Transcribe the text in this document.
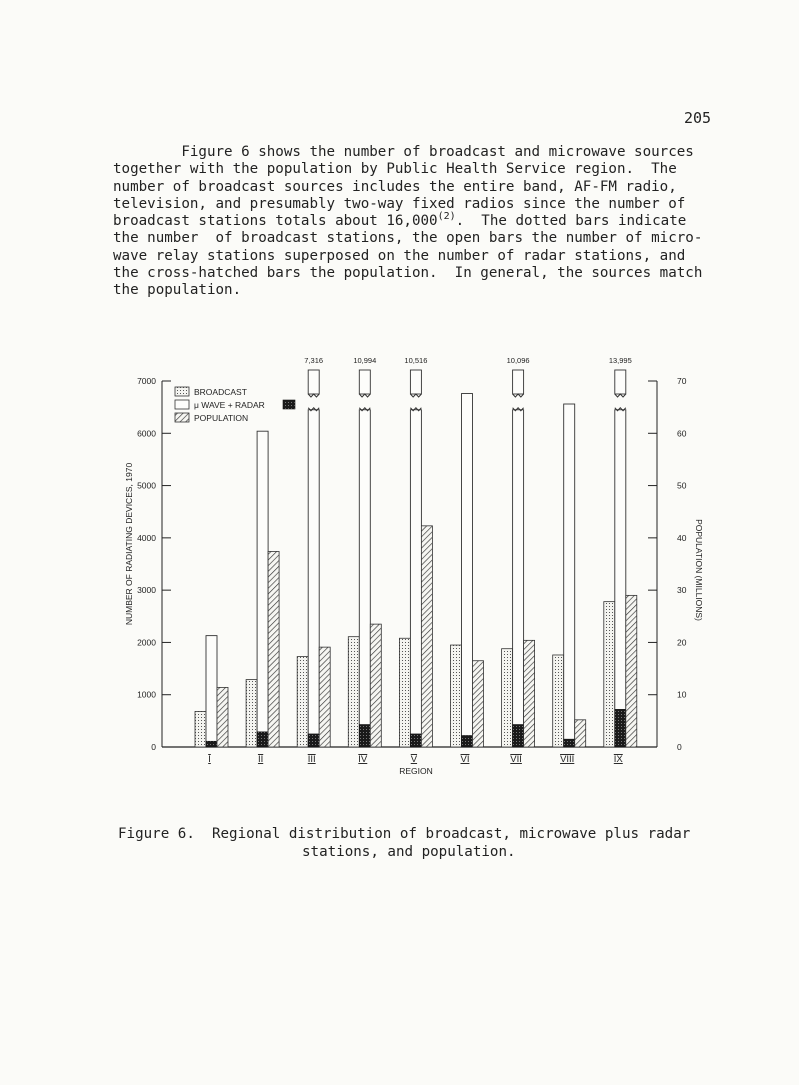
205
Figure 6 shows the number of broadcast and microwave sources
together with the population by Public Health Service region.  The
number of broadcast sources includes the entire band, AF-FM radio,
television, and presumably two-way fixed radios since the number of
broadcast stations totals about 16,000$^{(2)}$.  The dotted bars indicate
the number  of broadcast stations, the open bars the number of micro-
wave relay stations superposed on the number of radar stations, and
the cross-hatched bars the population.  In general, the sources match
the population.
0
1000
2000
3000
4000
5000
6000
7000
0
10
20
30
40
50
60
70
NUMBER OF RADIATING DEVICES, 1970	POPULATION (MILLIONS)
REGION
I	II
7,316
III
10,994
IV
10,516
V	VI
10,096
VII	VIII
13,995
IX
BROADCAST
μ WAVE + RADAR
POPULATION
Figure 6.  Regional distribution of broadcast, microwave plus radar
stations, and population.
